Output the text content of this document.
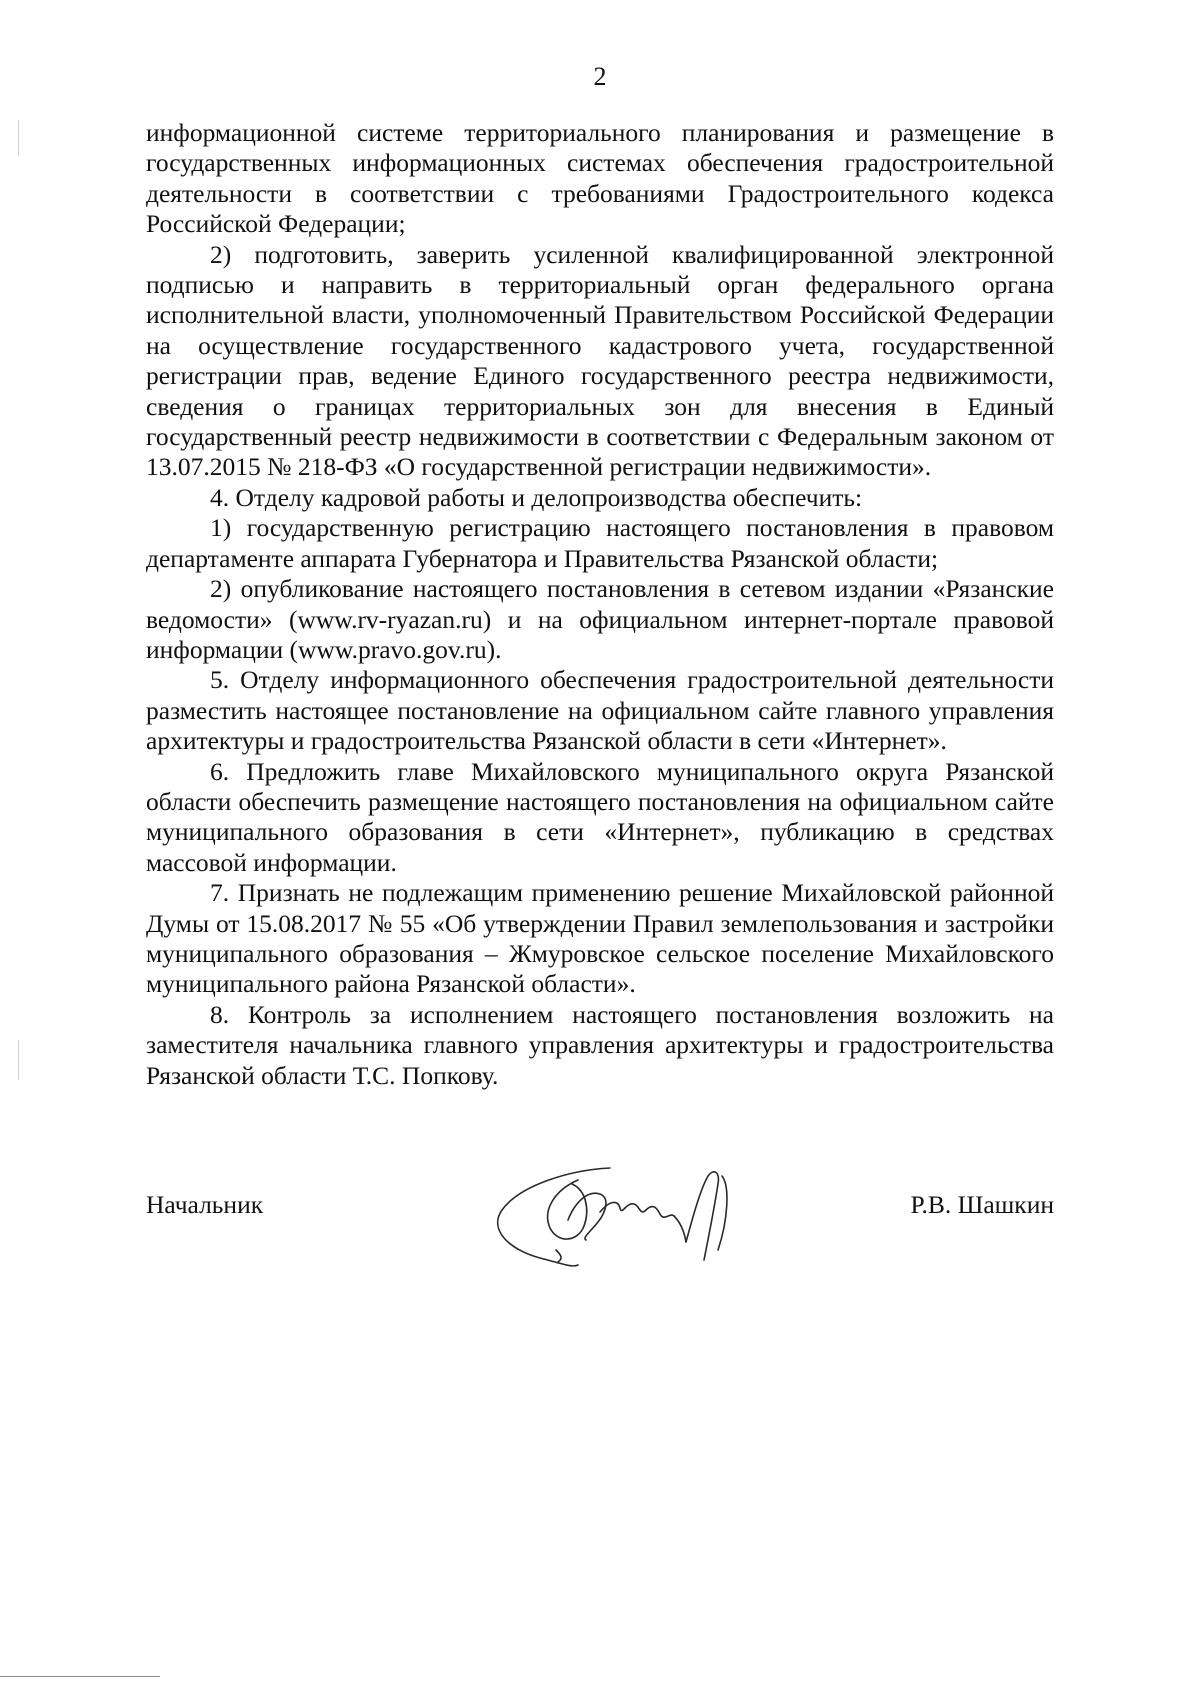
2

информационной системе территориального планирования и размещение в государственных информационных системах обеспечения градостроительной деятельности в соответствии с требованиями Градостроительного кодекса Российской Федерации;

2) подготовить, заверить усиленной квалифицированной электронной подписью и направить в территориальный орган федерального органа исполнительной власти, уполномоченный Правительством Российской Федерации на осуществление государственного кадастрового учета, государственной регистрации прав, ведение Единого государственного реестра недвижимости, сведения о границах территориальных зон для внесения в Единый государственный реестр недвижимости в соответствии с Федеральным законом от 13.07.2015 № 218-ФЗ «О государственной регистрации недвижимости».

4. Отделу кадровой работы и делопроизводства обеспечить:

1) государственную регистрацию настоящего постановления в правовом департаменте аппарата Губернатора и Правительства Рязанской области;

2) опубликование настоящего постановления в сетевом издании «Рязанские ведомости» (www.rv-ryazan.ru) и на официальном интернет-портале правовой информации (www.pravo.gov.ru).

5. Отделу информационного обеспечения градостроительной деятельности разместить настоящее постановление на официальном сайте главного управления архитектуры и градостроительства Рязанской области в сети «Интернет».

6. Предложить главе Михайловского муниципального округа Рязанской области обеспечить размещение настоящего постановления на официальном сайте муниципального образования в сети «Интернет», публикацию в средствах массовой информации.

7. Признать не подлежащим применению решение Михайловской районной Думы от 15.08.2017 № 55 «Об утверждении Правил землепользования и застройки муниципального образования – Жмуровское сельское поселение Михайловского муниципального района Рязанской области».

8. Контроль за исполнением настоящего постановления возложить на заместителя начальника главного управления архитектуры и градостроительства Рязанской области Т.С. Попкову.

Начальник	Р.В. Шашкин
